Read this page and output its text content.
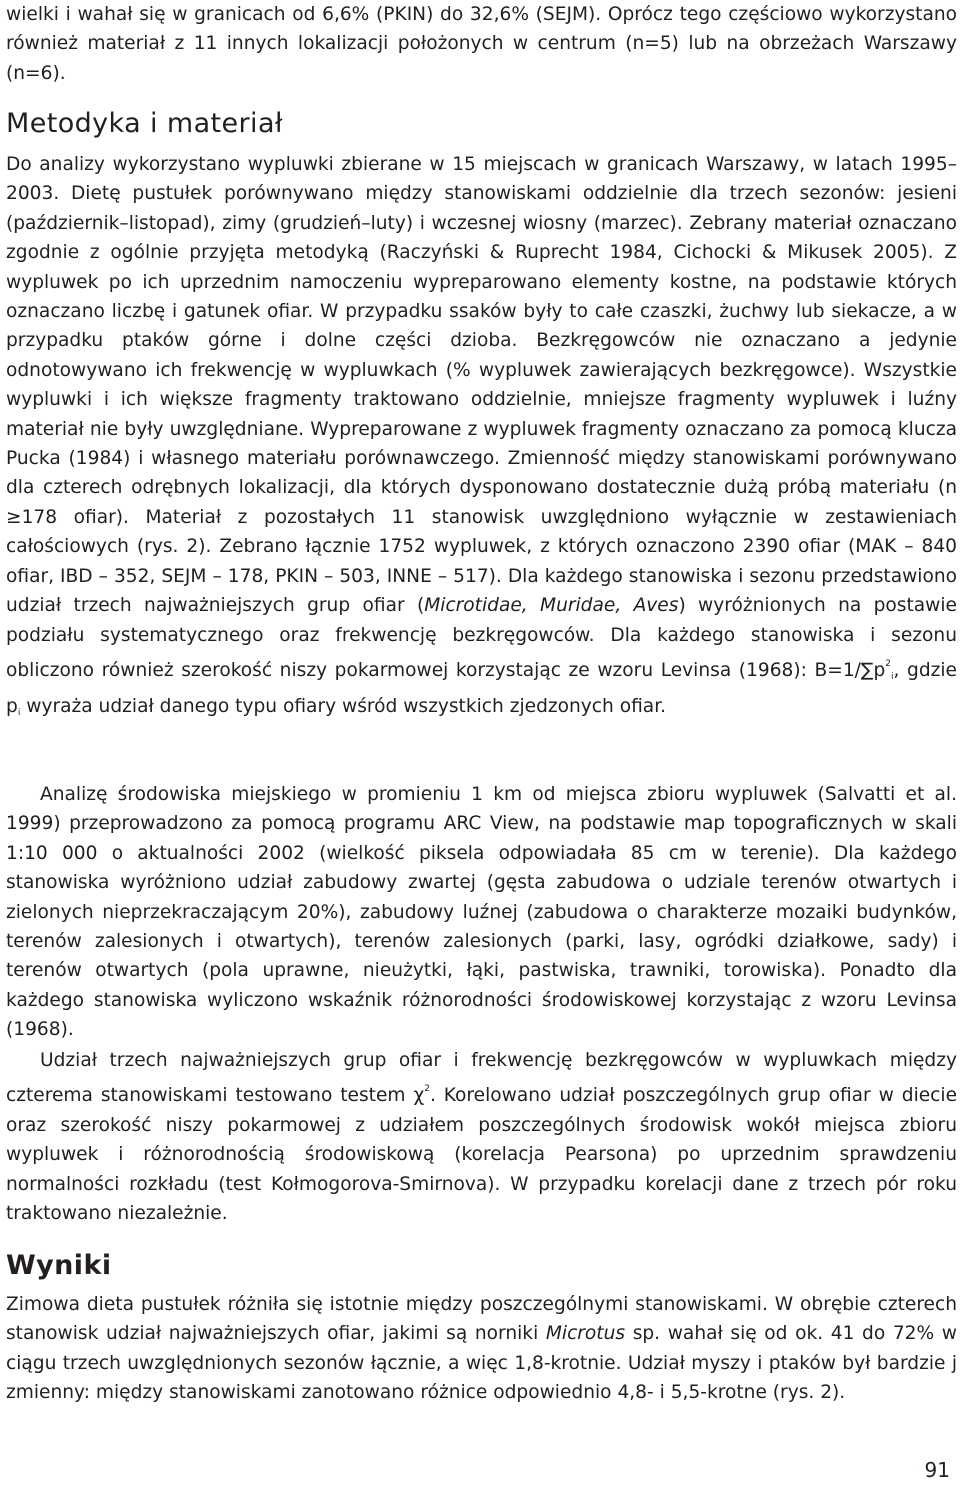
wielki i wahał się w granicach od 6,6% (PKIN) do 32,6% (SEJM). Oprócz tego częściowo wykorzystano również materiał z 11 innych lokalizacji położonych w centrum (n=5) lub na obrzeżach Warszawy (n=6).

Metodyka i materiał

Do analizy wykorzystano wypluwki zbierane w 15 miejscach w granicach Warszawy, w latach 1995–2003. Dietę pustułek porównywano między stanowiskami oddzielnie dla trzech sezonów: jesieni (październik–listopad), zimy (grudzień–luty) i wczesnej wiosny (marzec). Zebrany materiał oznaczano zgodnie z ogólnie przyjęta metodyką (Raczyński & Ruprecht 1984, Cichocki & Mikusek 2005). Z wypluwek po ich uprzednim namoczeniu wypreparowano elementy kostne, na podstawie których oznaczano liczbę i gatunek ofiar. W przypadku ssaków były to całe czaszki, żuchwy lub siekacze, a w przypadku ptaków górne i dolne części dzioba. Bezkręgowców nie oznaczano a jedynie odnotowywano ich frekwencję w wypluwkach (% wypluwek zawierających bezkręgowce). Wszystkie wypluwki i ich większe fragmenty traktowano oddzielnie, mniejsze fragmenty wypluwek i luźny materiał nie były uwzględniane. Wypreparowane z wypluwek fragmenty oznaczano za pomocą klucza Pucka (1984) i własnego materiału porównawczego. Zmienność między stanowiskami porównywano dla czterech odrębnych lokalizacji, dla których dysponowano dostatecznie dużą próbą materiału (n ≥178 ofiar). Materiał z pozostałych 11 stanowisk uwzględniono wyłącznie w zestawieniach całościowych (rys. 2). Zebrano łącznie 1752 wypluwek, z których oznaczono 2390 ofiar (MAK – 840 ofiar, IBD – 352, SEJM – 178, PKIN – 503, INNE – 517). Dla każdego stanowiska i sezonu przedstawiono udział trzech najważniejszych grup ofiar (Microtidae, Muridae, Aves) wyróżnionych na postawie podziału systematycznego oraz frekwencję bezkręgowców. Dla każdego stanowiska i sezonu obliczono również szerokość niszy pokarmowej korzystając ze wzoru Levinsa (1968): $B=1/\sum p^2_i$, gdzie $p_i$ wyraża udział danego typu ofiary wśród wszystkich zjedzonych ofiar.

Analizę środowiska miejskiego w promieniu 1 km od miejsca zbioru wypluwek (Salvatti et al. 1999) przeprowadzono za pomocą programu ARC View, na podstawie map topograficznych w skali 1:10 000 o aktualności 2002 (wielkość piksela odpowiadała 85 cm w terenie). Dla każdego stanowiska wyróżniono udział zabudowy zwartej (gęsta zabudowa o udziale terenów otwartych i zielonych nieprzekraczającym 20%), zabudowy luźnej (zabudowa o charakterze mozaiki budynków, terenów zalesionych i otwartych), terenów zalesionych (parki, lasy, ogródki działkowe, sady) i terenów otwartych (pola uprawne, nieużytki, łąki, pastwiska, trawniki, torowiska). Ponadto dla każdego stanowiska wyliczono wskaźnik różnorodności środowiskowej korzystając z wzoru Levinsa (1968).

Udział trzech najważniejszych grup ofiar i frekwencję bezkręgowców w wypluwkach między czterema stanowiskami testowano testem $\chi^2$. Korelowano udział poszczególnych grup ofiar w diecie oraz szerokość niszy pokarmowej z udziałem poszczególnych środowisk wokół miejsca zbioru wypluwek i różnorodnością środowiskową (korelacja Pearsona) po uprzednim sprawdzeniu normalności rozkładu (test Kołmogorova-Smirnova). W przypadku korelacji dane z trzech pór roku traktowano niezależnie.

Wyniki

Zimowa dieta pustułek różniła się istotnie między poszczególnymi stanowiskami. W obrębie czterech stanowisk udział najważniejszych ofiar, jakimi są norniki Microtus sp. wahał się od ok. 41 do 72% w ciągu trzech uwzględnionych sezonów łącznie, a więc 1,8-krotnie. Udział myszy i ptaków był bardzie j zmienny: między stanowiskami zanotowano różnice odpowiednio 4,8- i 5,5-krotne (rys. 2).

91
